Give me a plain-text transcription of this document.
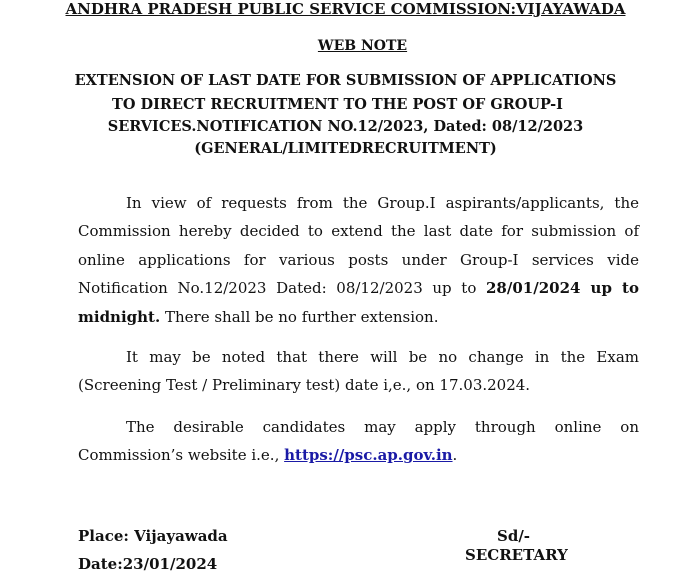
ANDHRA PRADESH PUBLIC SERVICE COMMISSION:VIJAYAWADA
WEB NOTE
EXTENSION OF LAST DATE FOR SUBMISSION OF APPLICATIONS
TO DIRECT RECRUITMENT TO THE POST OF GROUP-I
SERVICES.NOTIFICATION NO.12/2023, Dated: 08/12/2023
(GENERAL/LIMITEDRECRUITMENT)
In view of requests from the Group.I aspirants/applicants, the
Commission hereby decided to extend the last date for submission of
online applications for various posts under Group-I services vide
Notification No.12/2023 Dated: 08/12/2023 up to 28/01/2024 up to
midnight. There shall be no further extension.
It may be noted that there will be no change in the Exam
(Screening Test / Preliminary test) date i,e., on 17.03.2024.
The desirable candidates may apply through online on
Commission’s website i.e., https://psc.ap.gov.in.
Place: Vijayawada
Date:23/01/2024
Sd/-
SECRETARY
